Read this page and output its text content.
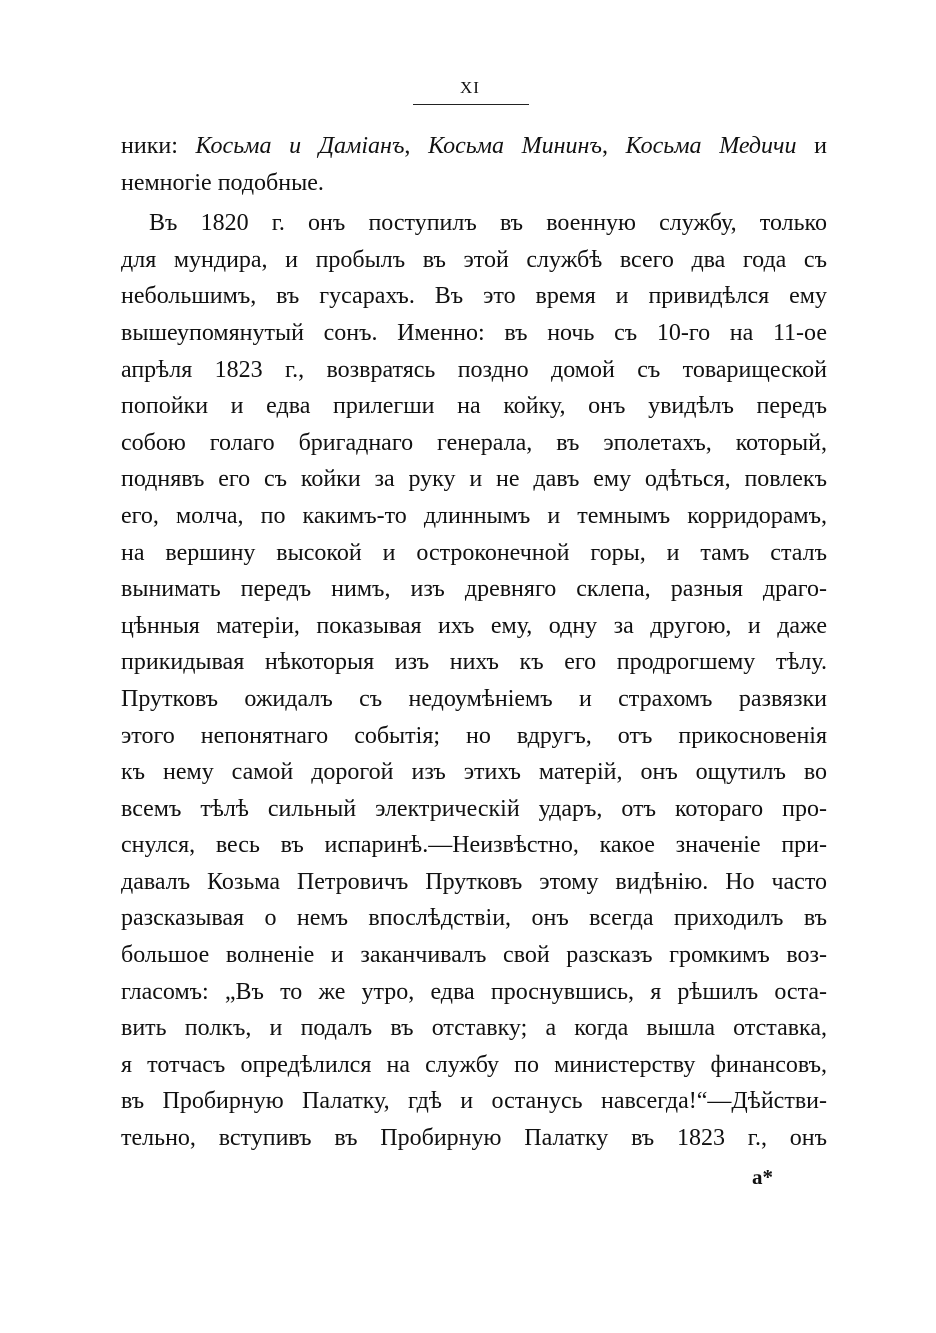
XI
ники: Косьма и Даміанъ, Косьма Мининъ, Косьма Медичи и
немногіе подобные.
Въ 1820 г. онъ поступилъ въ военную службу, только
для мундира, и пробылъ въ этой службѣ всего два года съ
небольшимъ, въ гусарахъ. Въ это время и привидѣлся ему
вышеупомянутый сонъ. Именно: въ ночь съ 10-го на 11-ое
апрѣля 1823 г., возвратясь поздно домой съ товарищеской
попойки и едва прилегши на койку, онъ увидѣлъ передъ
собою голаго бригаднаго генерала, въ эполетахъ, который,
поднявъ его съ койки за руку и не давъ ему одѣться, повлекъ
его, молча, по какимъ-то длиннымъ и темнымъ корридорамъ,
на вершину высокой и остроконечной горы, и тамъ сталъ
вынимать передъ нимъ, изъ древняго склепа, разныя драго-
цѣнныя матеріи, показывая ихъ ему, одну за другою, и даже
прикидывая нѣкоторыя изъ нихъ къ его продрогшему тѣлу.
Прутковъ ожидалъ съ недоумѣніемъ и страхомъ развязки
этого непонятнаго событія; но вдругъ, отъ прикосновенія
къ нему самой дорогой изъ этихъ матерій, онъ ощутилъ во
всемъ тѣлѣ сильный электрическій ударъ, отъ котораго про-
снулся, весь въ испаринѣ.—Неизвѣстно, какое значеніе при-
давалъ Козьма Петровичъ Прутковъ этому видѣнію. Но часто
разсказывая о немъ впослѣдствіи, онъ всегда приходилъ въ
большое волненіе и заканчивалъ свой разсказъ громкимъ воз-
гласомъ: „Въ то же утро, едва проснувшись, я рѣшилъ оста-
вить полкъ, и подалъ въ отставку; а когда вышла отставка,
я тотчасъ опредѣлился на службу по министерству финансовъ,
въ Пробирную Палатку, гдѣ и останусь навсегда!“—Дѣйстви-
тельно, вступивъ въ Пробирную Палатку въ 1823 г., онъ
а*
